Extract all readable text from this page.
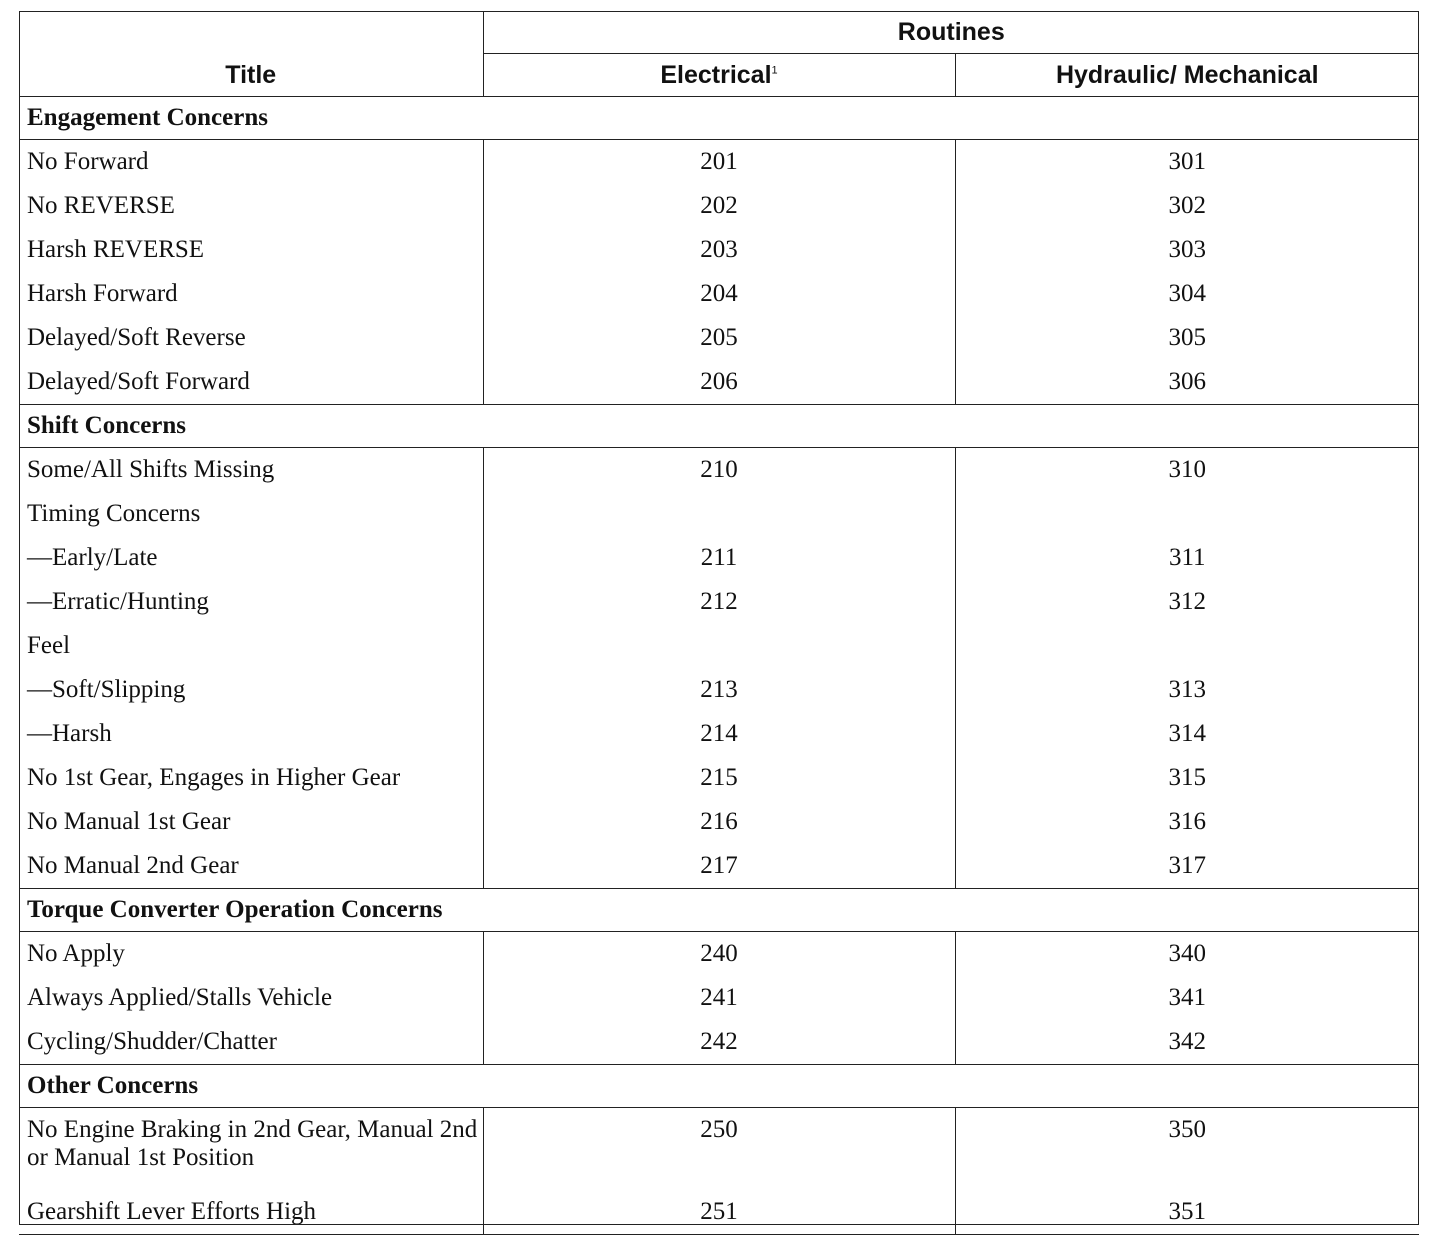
Title	Routines	
	Electrical$^1$	Hydraulic/ Mechanical
Engagement Concerns		
No Forward	201	301
No REVERSE	202	302
Harsh REVERSE	203	303
Harsh Forward	204	304
Delayed/Soft Reverse	205	305
Delayed/Soft Forward	206	306
Shift Concerns		
Some/All Shifts Missing	210	310
Timing Concerns		
—Early/Late	211	311
—Erratic/Hunting	212	312
Feel		
—Soft/Slipping	213	313
—Harsh	214	314
No 1st Gear, Engages in Higher Gear	215	315
No Manual 1st Gear	216	316
No Manual 2nd Gear	217	317
Torque Converter Operation Concerns		
No Apply	240	340
Always Applied/Stalls Vehicle	241	341
Cycling/Shudder/Chatter	242	342
Other Concerns		
No Engine Braking in 2nd Gear, Manual 2nd or Manual 1st Position	250	350
Gearshift Lever Efforts High	251	351
